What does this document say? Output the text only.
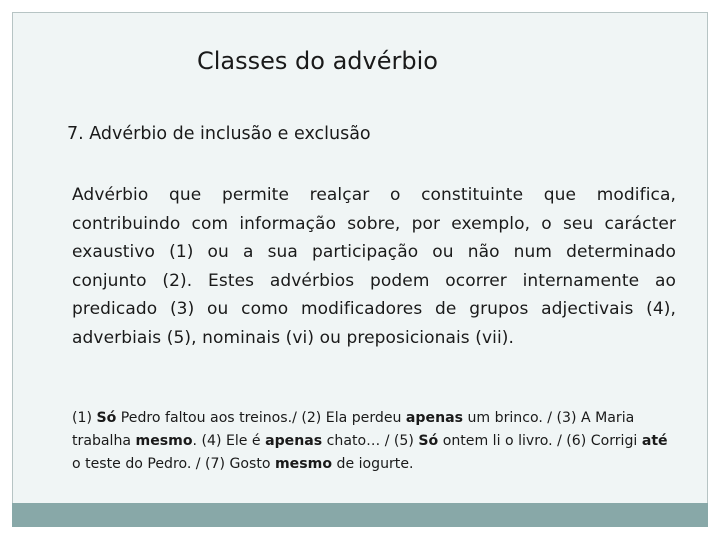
Classes do advérbio
7. Advérbio de inclusão e exclusão

Advérbio que permite realçar o constituinte que modifica, contribuindo com informação sobre, por exemplo, o seu carácter exaustivo (1) ou a sua participação ou não num determinado conjunto (2). Estes advérbios podem ocorrer internamente ao predicado (3) ou como modificadores de grupos adjectivais (4), adverbiais (5), nominais (vi) ou preposicionais (vii).

(1) Só Pedro faltou aos treinos./ (2) Ela perdeu apenas um brinco. / (3) A Maria trabalha mesmo. (4) Ele é apenas chato… / (5) Só ontem li o livro. / (6) Corrigi até o teste do Pedro. / (7) Gosto mesmo de iogurte.
